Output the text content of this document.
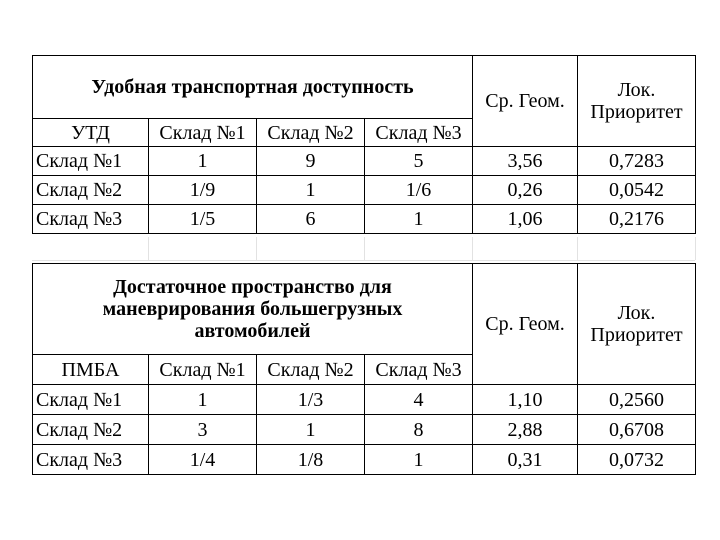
Удобная транспортная доступность				Ср. Геом.	Лок.
Приоритет
УТД	Склад №1	Склад №2	Склад №3		
Склад №1	1	9	5	3,56	0,7283
Склад №2	1/9	1	1/6	0,26	0,0542
Склад №3	1/5	6	1	1,06	0,2176
Достаточное пространство для
маневрирования большегрузных
автомобилей				Ср. Геом.	Лок.
Приоритет
ПМБА	Склад №1	Склад №2	Склад №3		
Склад №1	1	1/3	4	1,10	0,2560
Склад №2	3	1	8	2,88	0,6708
Склад №3	1/4	1/8	1	0,31	0,0732
